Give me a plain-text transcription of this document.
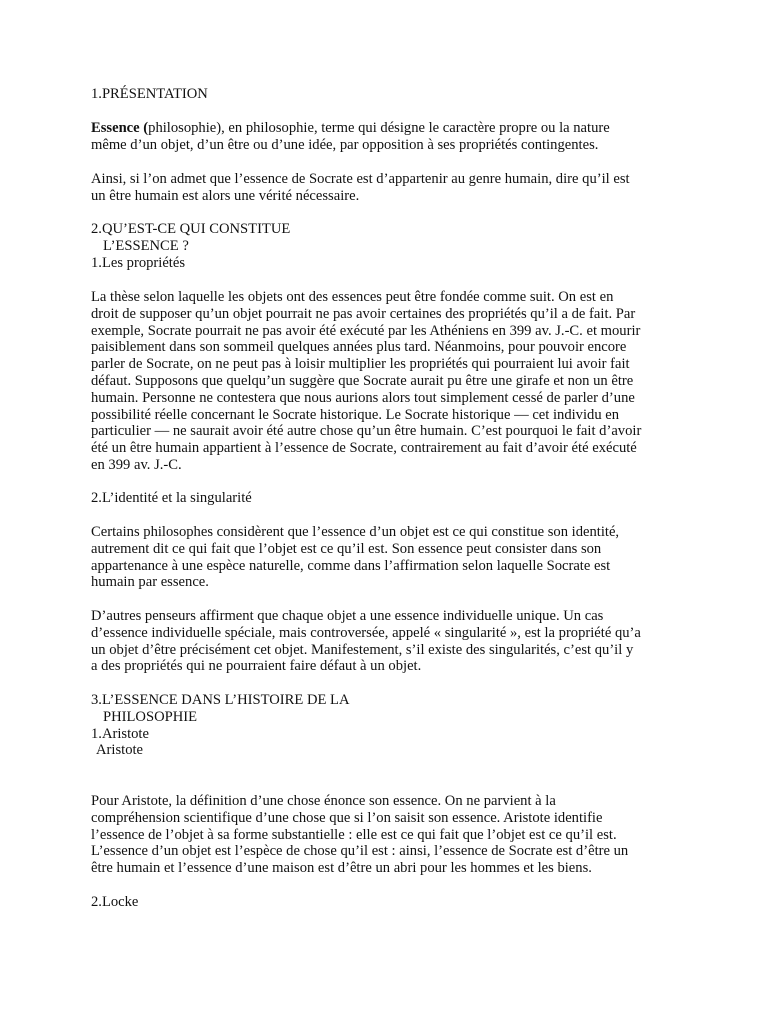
1.PRÉSENTATION
Essence (philosophie), en philosophie, terme qui désigne le caractère propre ou la nature
même d’un objet, d’un être ou d’une idée, par opposition à ses propriétés contingentes.
Ainsi, si l’on admet que l’essence de Socrate est d’appartenir au genre humain, dire qu’il est
un être humain est alors une vérité nécessaire.
2.QU’EST-CE QUI CONSTITUE
L’ESSENCE ?
1.Les propriétés
La thèse selon laquelle les objets ont des essences peut être fondée comme suit. On est en
droit de supposer qu’un objet pourrait ne pas avoir certaines des propriétés qu’il a de fait. Par
exemple, Socrate pourrait ne pas avoir été exécuté par les Athéniens en 399 av. J.-C. et mourir
paisiblement dans son sommeil quelques années plus tard. Néanmoins, pour pouvoir encore
parler de Socrate, on ne peut pas à loisir multiplier les propriétés qui pourraient lui avoir fait
défaut. Supposons que quelqu’un suggère que Socrate aurait pu être une girafe et non un être
humain. Personne ne contestera que nous aurions alors tout simplement cessé de parler d’une
possibilité réelle concernant le Socrate historique. Le Socrate historique — cet individu en
particulier — ne saurait avoir été autre chose qu’un être humain. C’est pourquoi le fait d’avoir
été un être humain appartient à l’essence de Socrate, contrairement au fait d’avoir été exécuté
en 399 av. J.-C.
2.L’identité et la singularité
Certains philosophes considèrent que l’essence d’un objet est ce qui constitue son identité,
autrement dit ce qui fait que l’objet est ce qu’il est. Son essence peut consister dans son
appartenance à une espèce naturelle, comme dans l’affirmation selon laquelle Socrate est
humain par essence.
D’autres penseurs affirment que chaque objet a une essence individuelle unique. Un cas
d’essence individuelle spéciale, mais controversée, appelé « singularité », est la propriété qu’a
un objet d’être précisément cet objet. Manifestement, s’il existe des singularités, c’est qu’il y
a des propriétés qui ne pourraient faire défaut à un objet.
3.L’ESSENCE DANS L’HISTOIRE DE LA
PHILOSOPHIE
1.Aristote
Aristote
Pour Aristote, la définition d’une chose énonce son essence. On ne parvient à la
compréhension scientifique d’une chose que si l’on saisit son essence. Aristote identifie
l’essence de l’objet à sa forme substantielle : elle est ce qui fait que l’objet est ce qu’il est.
L’essence d’un objet est l’espèce de chose qu’il est : ainsi, l’essence de Socrate est d’être un
être humain et l’essence d’une maison est d’être un abri pour les hommes et les biens.
2.Locke
